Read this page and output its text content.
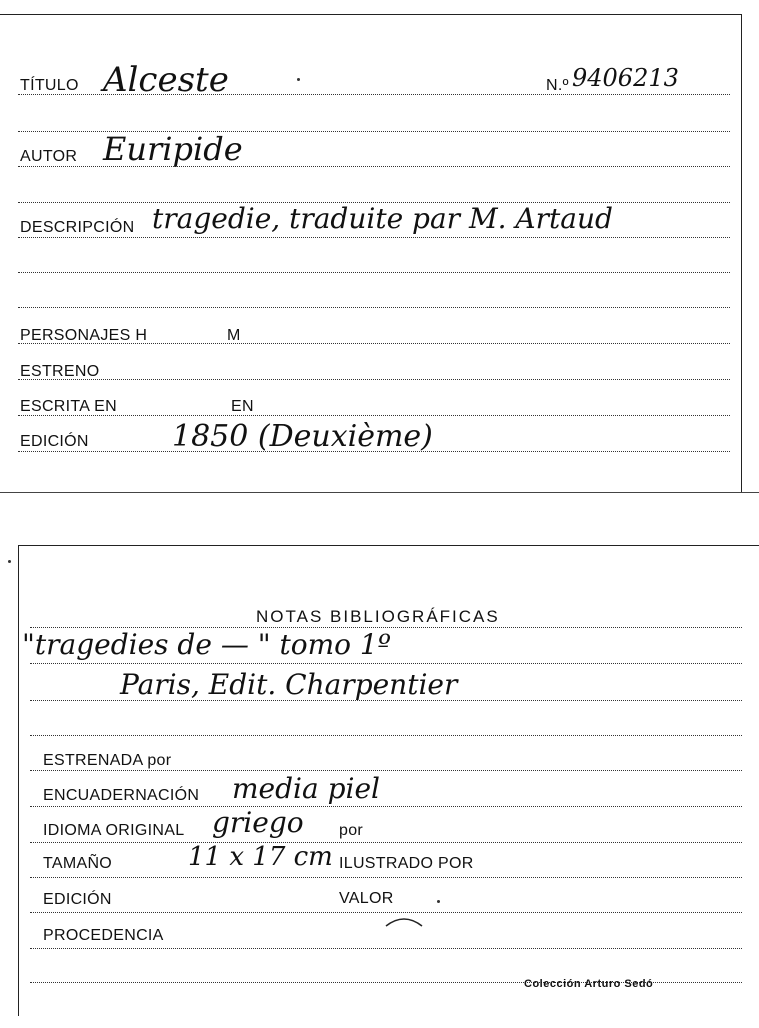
TÍTULO Alceste	N.º 9406213
AUTOR Euripide
DESCRIPCIÓN tragedie, traduite par M. Artaud
PERSONAJES H	M
ESTRENO
ESCRITA EN	EN
EDICIÓN	1850 (Deuxième)
NOTAS BIBLIOGRÁFICAS
"tragedies de — " tomo 1º
Paris, Edit. Charpentier
ESTRENADA por
ENCUADERNACIÓN media piel
IDIOMA ORIGINAL griego por
TAMAÑO	11 x 17 cm ILUSTRADO POR
EDICIÓN	VALOR
PROCEDENCIA
Colección Arturo Sedó
